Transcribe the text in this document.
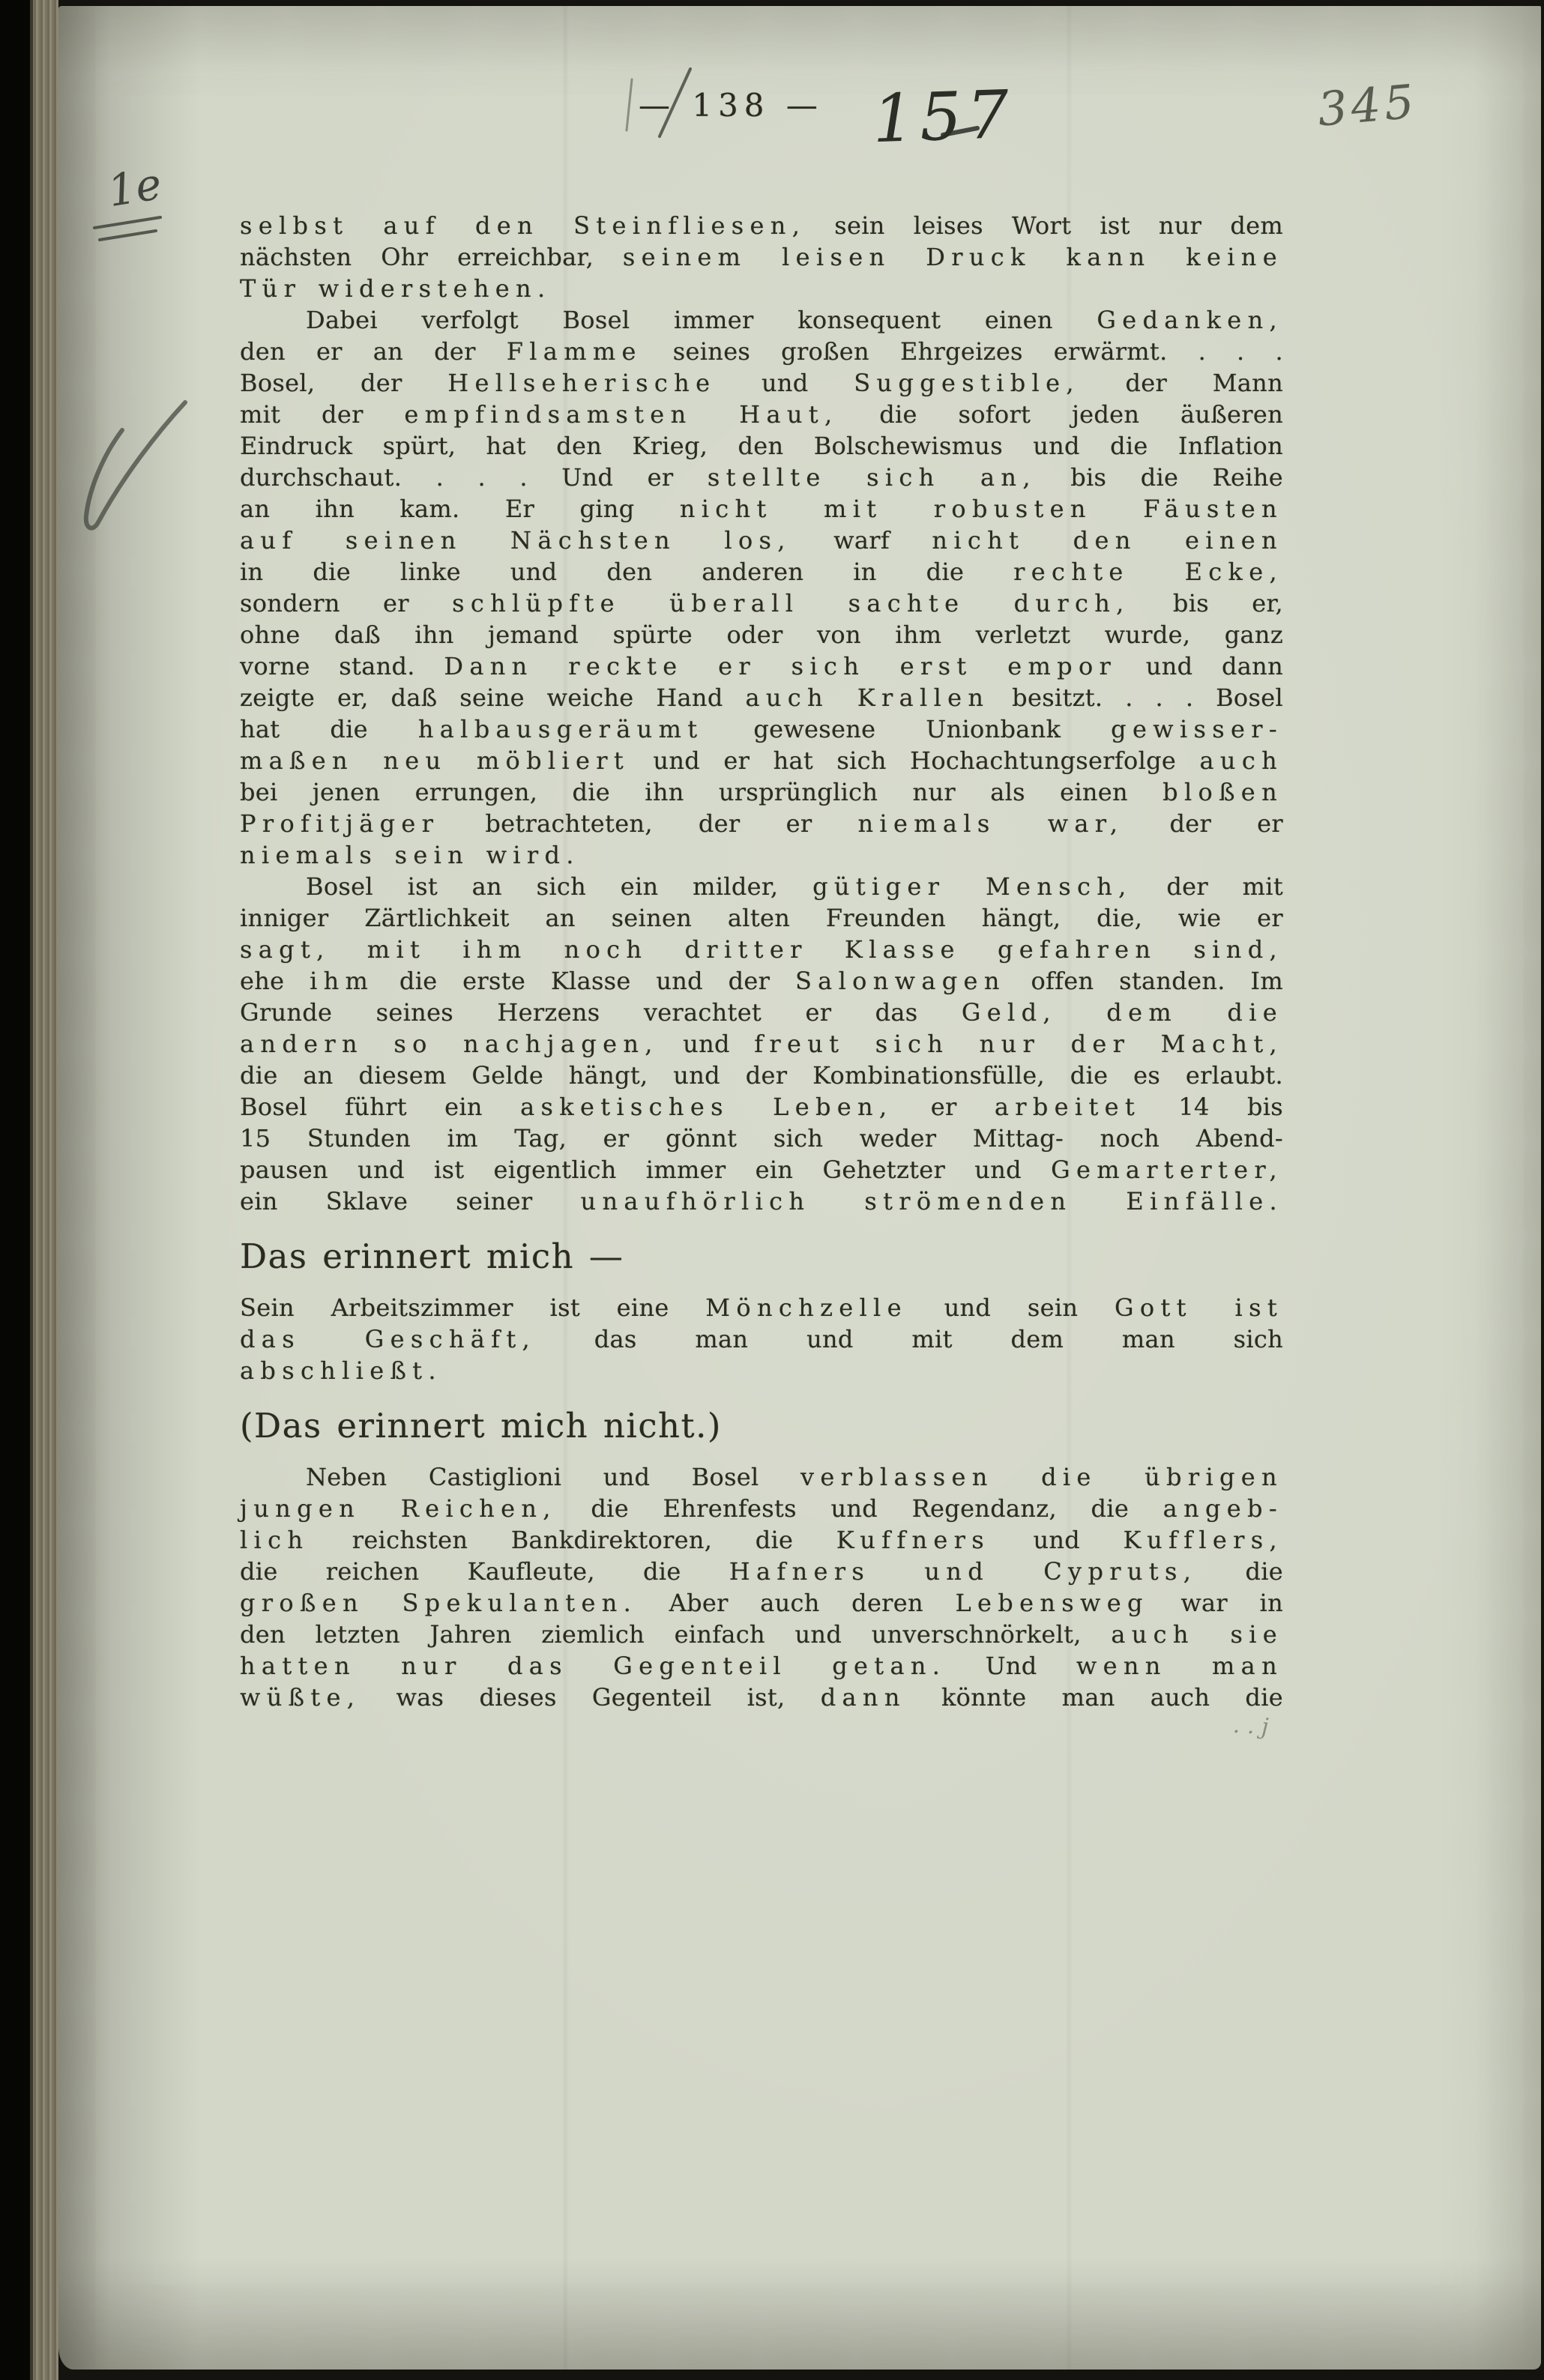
— 138 — 157	345
1e
selbst auf den Steinfliesen, sein leises Wort ist nur dem
nächsten Ohr erreichbar, seinem leisen Druck kann keine
Tür widerstehen.
Dabei verfolgt Bosel immer konsequent einen Gedanken,
den er an der Flamme seines großen Ehrgeizes erwärmt. . . .
Bosel, der Hellseherische und Suggestible, der Mann
mit der empfindsamsten Haut, die sofort jeden äußeren
Eindruck spürt, hat den Krieg, den Bolschewismus und die Inflation
durchschaut. . . . Und er stellte sich an, bis die Reihe
an ihn kam. Er ging nicht mit robusten Fäusten
auf seinen Nächsten los, warf nicht den einen
in die linke und den anderen in die rechte Ecke,
sondern er schlüpfte überall sachte durch, bis er,
ohne daß ihn jemand spürte oder von ihm verletzt wurde, ganz
vorne stand. Dann reckte er sich erst empor und dann
zeigte er, daß seine weiche Hand auch Krallen besitzt. . . . Bosel
hat die halbausgeräumt gewesene Unionbank gewisser-
maßen neu möbliert und er hat sich Hochachtungserfolge auch
bei jenen errungen, die ihn ursprünglich nur als einen bloßen
Profitjäger betrachteten, der er niemals war, der er
niemals sein wird.
Bosel ist an sich ein milder, gütiger Mensch, der mit
inniger Zärtlichkeit an seinen alten Freunden hängt, die, wie er
sagt, mit ihm noch dritter Klasse gefahren sind,
ehe ihm die erste Klasse und der Salonwagen offen standen. Im
Grunde seines Herzens verachtet er das Geld, dem die
andern so nachjagen, und freut sich nur der Macht,
die an diesem Gelde hängt, und der Kombinationsfülle, die es erlaubt.
Bosel führt ein asketisches Leben, er arbeitet 14 bis
15 Stunden im Tag, er gönnt sich weder Mittag- noch Abend-
pausen und ist eigentlich immer ein Gehetzter und Gemarterter,
ein Sklave seiner unaufhörlich strömenden Einfälle.
Das erinnert mich —
Sein Arbeitszimmer ist eine Mönchzelle und sein Gott ist
das Geschäft, das man und mit dem man sich
abschließt.
(Das erinnert mich nicht.)
Neben Castiglioni und Bosel verblassen die übrigen
jungen Reichen, die Ehrenfests und Regendanz, die angeb-
lich reichsten Bankdirektoren, die Kuffners und Kufflers,
die reichen Kaufleute, die Hafners und Cypruts, die
großen Spekulanten. Aber auch deren Lebensweg war in
den letzten Jahren ziemlich einfach und unverschnörkelt, auch sie
hatten nur das Gegenteil getan. Und wenn man
wüßte, was dieses Gegenteil ist, dann könnte man auch die
. . j
